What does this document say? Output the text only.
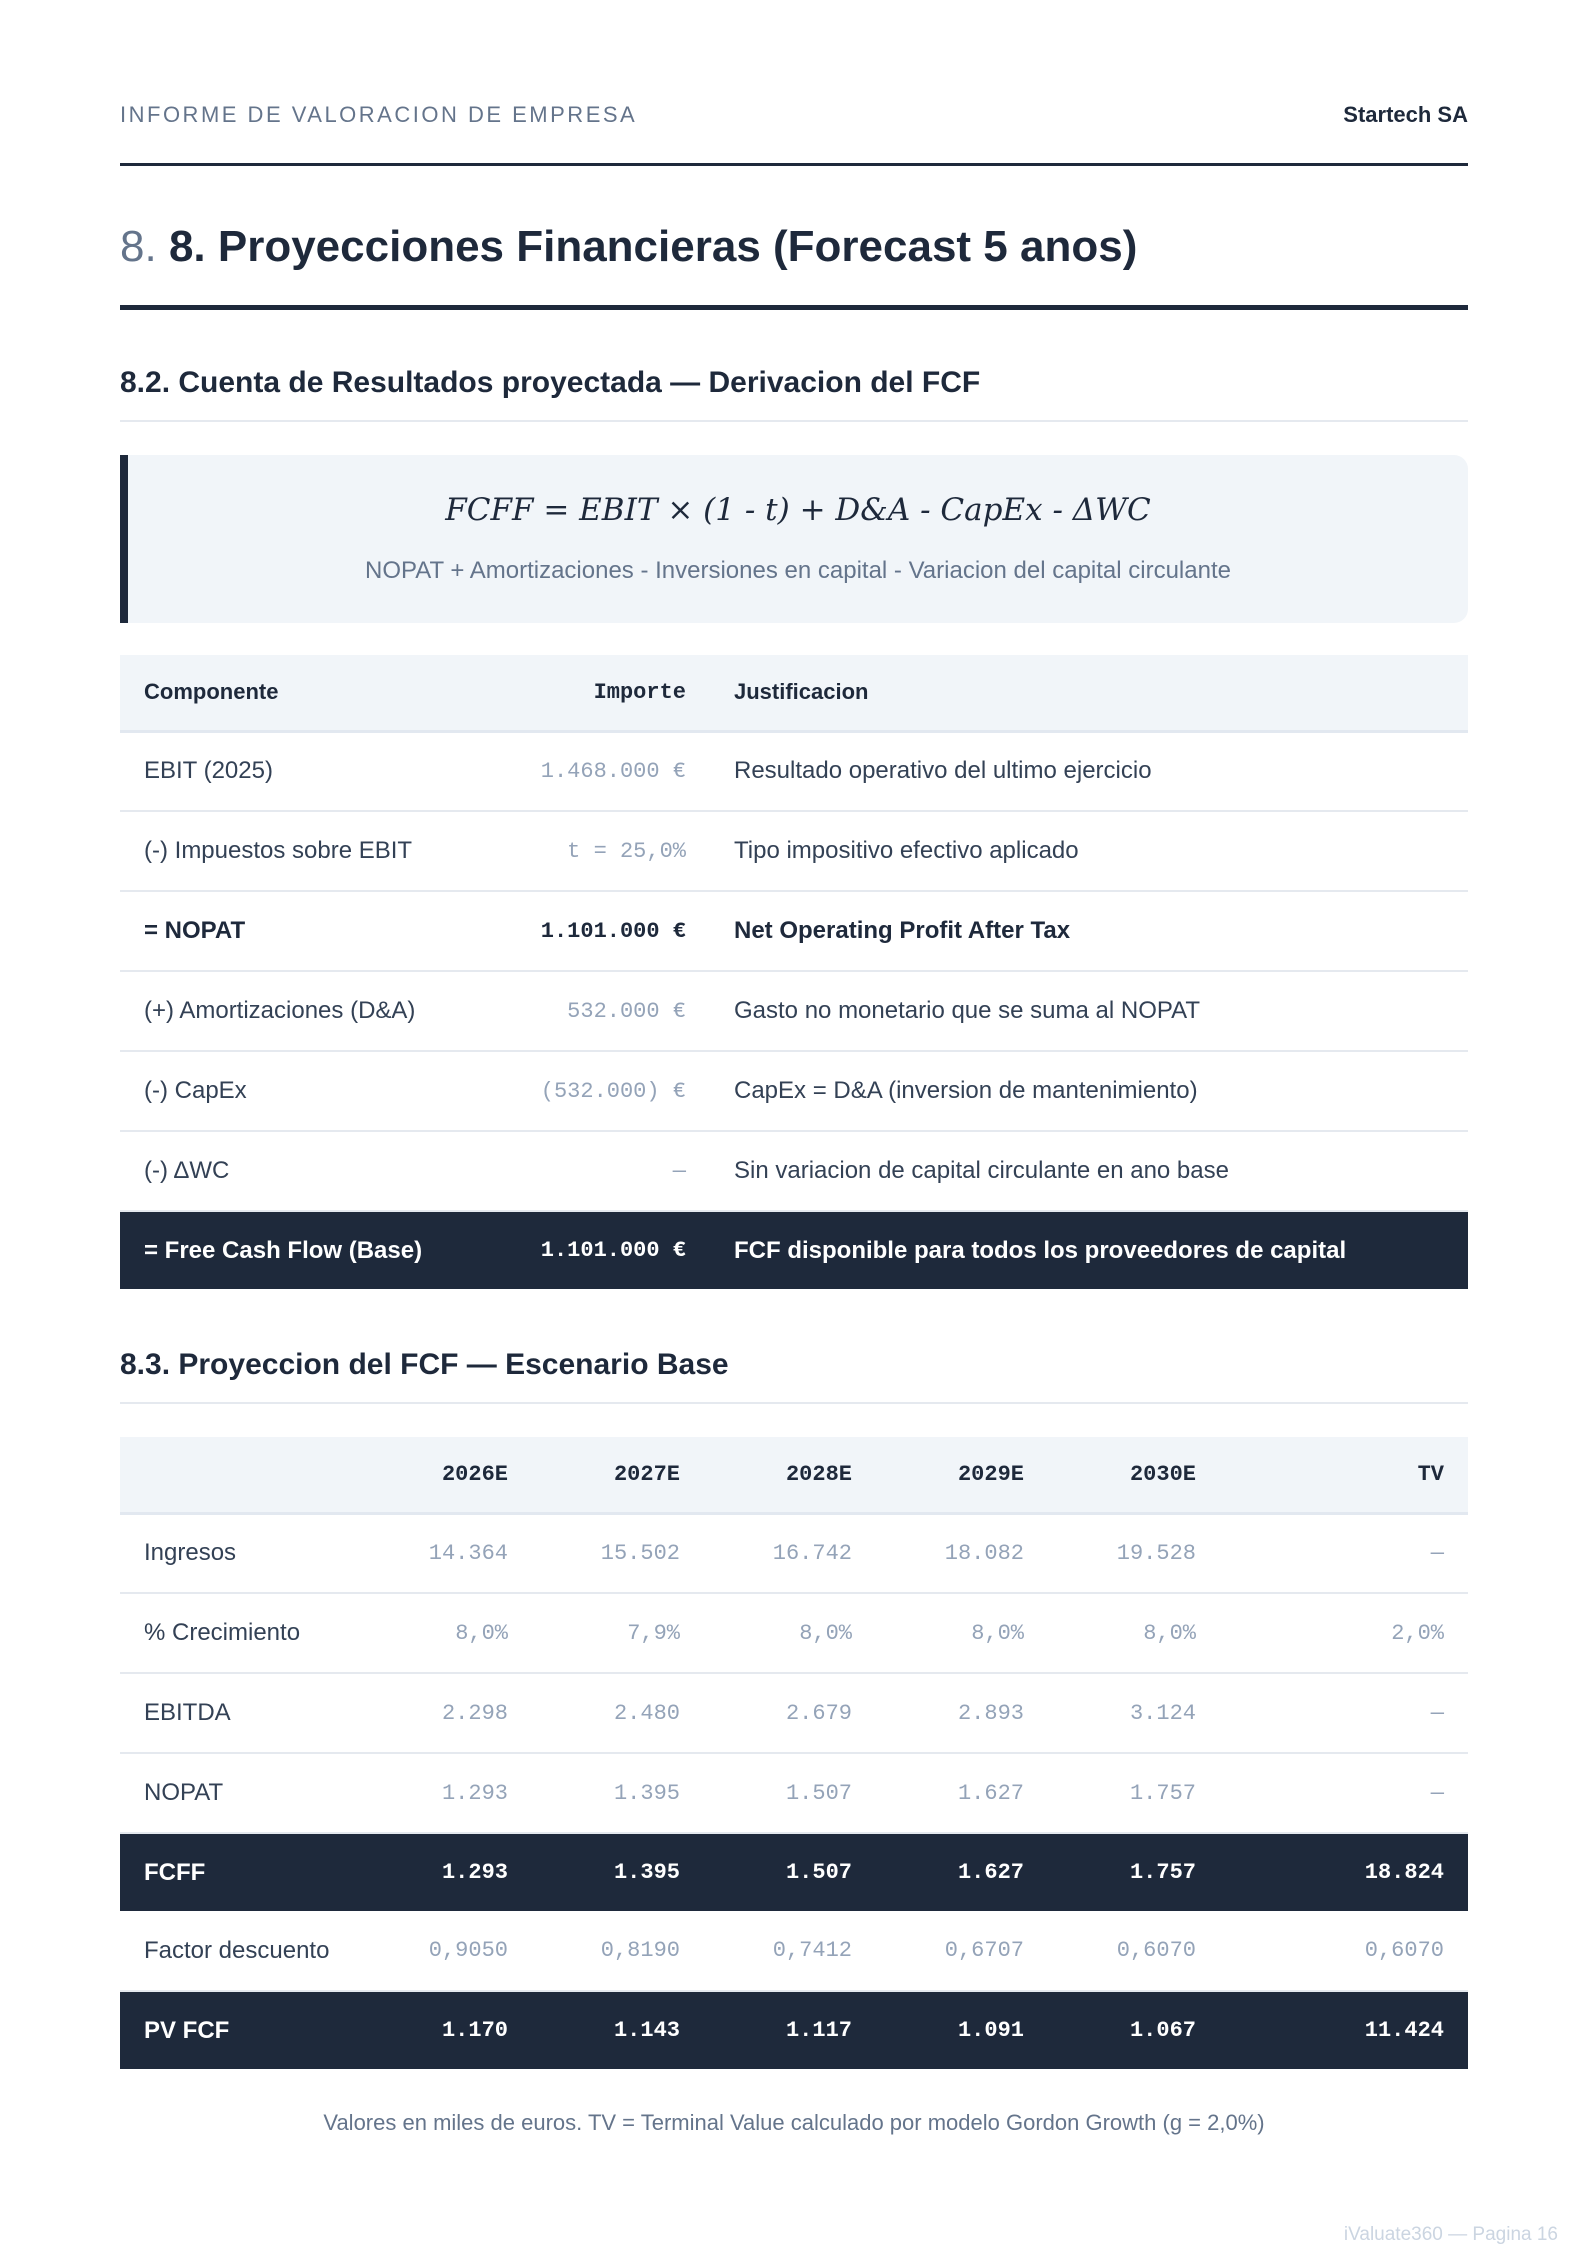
INFORME DE VALORACION DE EMPRESA	Startech SA
8. 8. Proyecciones Financieras (Forecast 5 anos)
8.2. Cuenta de Resultados proyectada — Derivacion del FCF
FCFF = EBIT × (1 - t) + D&A - CapEx - ΔWC
NOPAT + Amortizaciones - Inversiones en capital - Variacion del capital circulante
Componente	Importe	Justificacion
EBIT (2025)	1.468.000 €	Resultado operativo del ultimo ejercicio
(-) Impuestos sobre EBIT	t = 25,0%	Tipo impositivo efectivo aplicado
= NOPAT	1.101.000 €	Net Operating Profit After Tax
(+) Amortizaciones (D&A)	532.000 €	Gasto no monetario que se suma al NOPAT
(-) CapEx	(532.000) €	CapEx = D&A (inversion de mantenimiento)
(-) ΔWC	—	Sin variacion de capital circulante en ano base
= Free Cash Flow (Base)	1.101.000 €	FCF disponible para todos los proveedores de capital
8.3. Proyeccion del FCF — Escenario Base
	2026E	2027E	2028E	2029E	2030E	TV
Ingresos	14.364	15.502	16.742	18.082	19.528	—
% Crecimiento	8,0%	7,9%	8,0%	8,0%	8,0%	2,0%
EBITDA	2.298	2.480	2.679	2.893	3.124	—
NOPAT	1.293	1.395	1.507	1.627	1.757	—
FCFF	1.293	1.395	1.507	1.627	1.757	18.824
Factor descuento	0,9050	0,8190	0,7412	0,6707	0,6070	0,6070
PV FCF	1.170	1.143	1.117	1.091	1.067	11.424
Valores en miles de euros. TV = Terminal Value calculado por modelo Gordon Growth (g = 2,0%)
iValuate360 — Pagina 16
